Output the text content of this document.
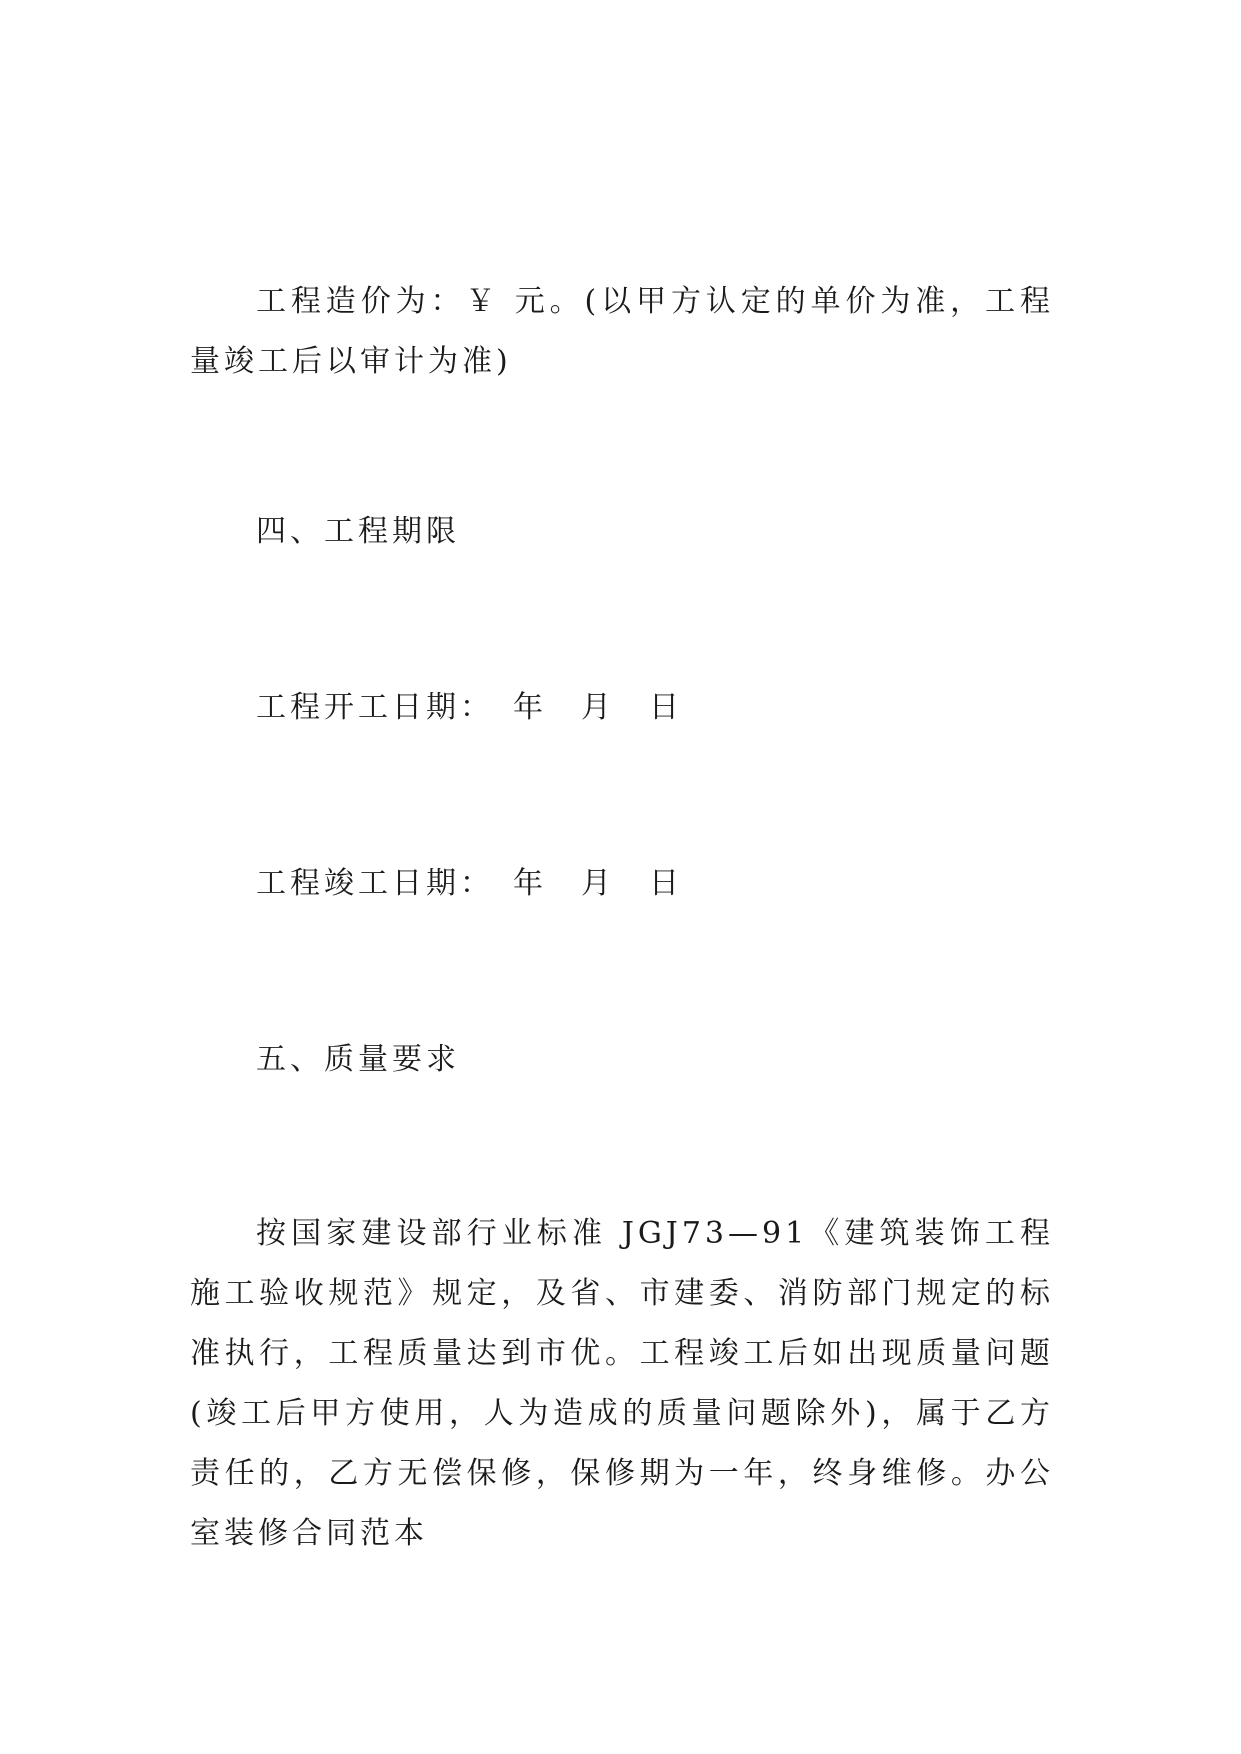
工程造价为：￥ 元。(以甲方认定的单价为准，工程量竣工后以审计为准)

四、工程期限

工程开工日期：　年　月　日

工程竣工日期：　年　月　日

五、质量要求

按国家建设部行业标准 JGJ73—91《建筑装饰工程施工验收规范》规定，及省、市建委、消防部门规定的标准执行，工程质量达到市优。工程竣工后如出现质量问题(竣工后甲方使用，人为造成的质量问题除外)，属于乙方责任的，乙方无偿保修，保修期为一年，终身维修。办公室装修合同范本
